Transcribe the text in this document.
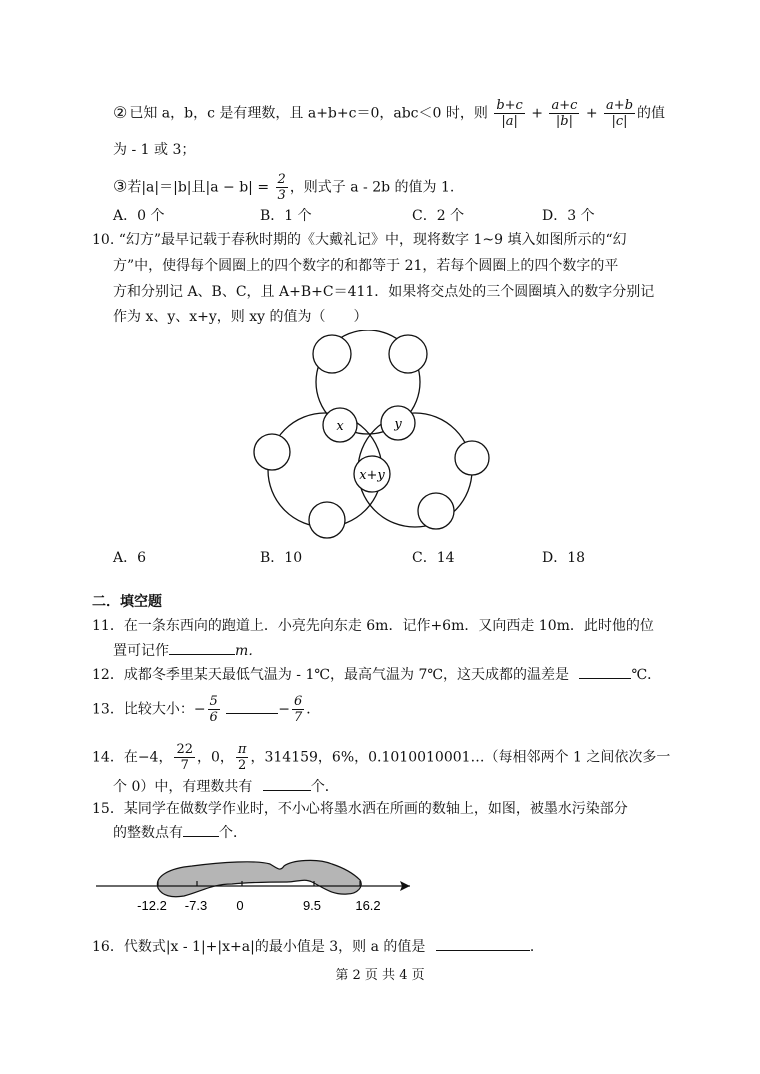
② 已知 a，b，c 是有理数，且 a+b+c＝0，abc＜0 时，则 $\frac{b+c}{|a|} + \frac{a+c}{|b|} + \frac{a+b}{|c|}$ 的值
为 - 1 或 3；
③若|a|＝|b|且$|a - b| = \frac{2}{3}$ ，则式子 a - 2b 的值为 1.
A．0 个	B．1 个	C．2 个	D．3 个
10. “幻方”最早记载于春秋时期的《大戴礼记》中，现将数字 1~9 填入如图所示的“幻
方”中，使得每个圆圈上的四个数字的和都等于 21，若每个圆圈上的四个数字的平
方和分别记 A、B、C，且 A+B+C＝411．如果将交点处的三个圆圈填入的数字分别记
作为 x、y、x+y，则 xy 的值为（　　）
x	y
x+y
A．6	B．10	C．14	D．18
二．填空题
11．在一条东西向的跑道上．小亮先向东走 6m．记作+6m．又向西走 10m．此时他的位
置可记作	m．
12．成都冬季里某天最低气温为 - 1℃，最高气温为 7℃，这天成都的温差是	℃．
13．比较大小：− $\frac{5}{6}$	− $\frac{6}{7}$ ．
14．在−4， $\frac{22}{7}$ ，0， $\frac{\pi}{2}$ ，314159，6%，0.1010010001…（每相邻两个 1 之间依次多一
个 0）中，有理数共有	个．
15．某同学在做数学作业时，不小心将墨水洒在所画的数轴上，如图，被墨水污染部分
的整数点有	个．
-12.2 -7.3 0	9.5	16.2
16．代数式|x - 1|+|x+a|的最小值是 3，则 a 的值是	．
第 2 页 共 4 页
